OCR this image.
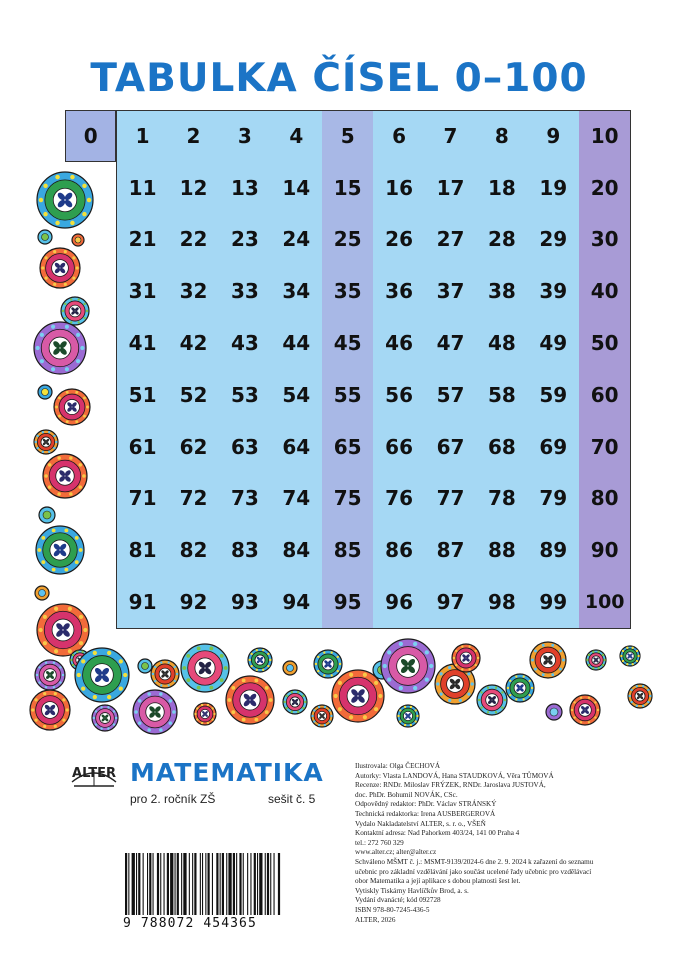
TABULKA ČÍSEL 0–100
0	1	2	3	4	5	6	7	8	9	10
11	12	13	14	15	16	17	18	19	20
21	22	23	24	25	26	27	28	29	30
31	32	33	34	35	36	37	38	39	40
41	42	43	44	45	46	47	48	49	50
51	52	53	54	55	56	57	58	59	60
61	62	63	64	65	66	67	68	69	70
71	72	73	74	75	76	77	78	79	80
81	82	83	84	85	86	87	88	89	90
91	92	93	94	95	96	97	98	99 100
ALTER MATEMATIKA
pro 2. ročník ZŠ	sešit č. 5
Ilustrovala: Olga ČECHOVÁ
Autorky: Vlasta LANDOVÁ, Hana STAUDKOVÁ, Věra TŮMOVÁ
Recenze: RNDr. Miloslav FRÝZEK, RNDr. Jaroslava JUSTOVÁ,
doc. PhDr. Bohumil NOVÁK, CSc.
Odpovědný redaktor: PhDr. Václav STRÁNSKÝ
Technická redaktorka: Irena AUSBERGEROVÁ
Vydalo Nakladatelství ALTER, s. r. o., VŠEŇ
Kontaktní adresa: Nad Pahorkem 403/24, 141 00 Praha 4
tel.: 272 760 329
www.alter.cz; alter@alter.cz
Schváleno MŠMT č. j.: MSMT-9139/2024-6 dne 2. 9. 2024 k zařazení do seznamu
učebnic pro základní vzdělávání jako součást ucelené řady učebnic pro vzdělávací
obor Matematika a její aplikace s dobou platnosti šest let.
Vytiskly Tiskárny Havlíčkův Brod, a. s.
Vydání dvanácté; kód 092728
ISBN 978-80-7245-436-5
ALTER, 2026
9 788072 454365
